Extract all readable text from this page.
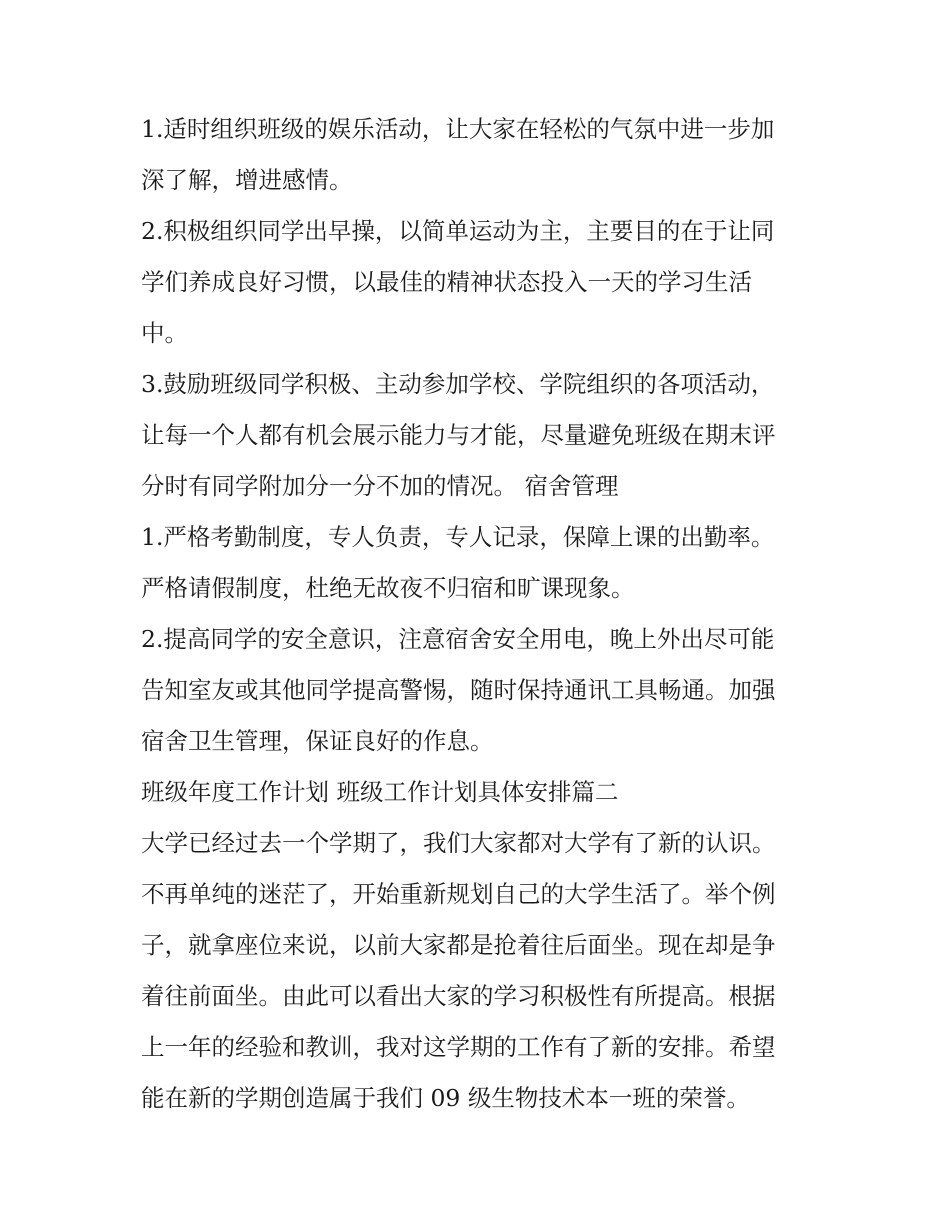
1.适时组织班级的娱乐活动，让大家在轻松的气氛中进一步加
深了解，增进感情。
2.积极组织同学出早操，以简单运动为主，主要目的在于让同
学们养成良好习惯，以最佳的精神状态投入一天的学习生活
中。
3.鼓励班级同学积极、主动参加学校、学院组织的各项活动，
让每一个人都有机会展示能力与才能，尽量避免班级在期末评
分时有同学附加分一分不加的情况。 宿舍管理
1.严格考勤制度，专人负责，专人记录，保障上课的出勤率。
严格请假制度，杜绝无故夜不归宿和旷课现象。
2.提高同学的安全意识，注意宿舍安全用电，晚上外出尽可能
告知室友或其他同学提高警惕，随时保持通讯工具畅通。加强
宿舍卫生管理，保证良好的作息。
班级年度工作计划 班级工作计划具体安排篇二
大学已经过去一个学期了，我们大家都对大学有了新的认识。
不再单纯的迷茫了，开始重新规划自己的大学生活了。举个例
子，就拿座位来说，以前大家都是抢着往后面坐。现在却是争
着往前面坐。由此可以看出大家的学习积极性有所提高。根据
上一年的经验和教训，我对这学期的工作有了新的安排。希望
能在新的学期创造属于我们 09 级生物技术本一班的荣誉。
